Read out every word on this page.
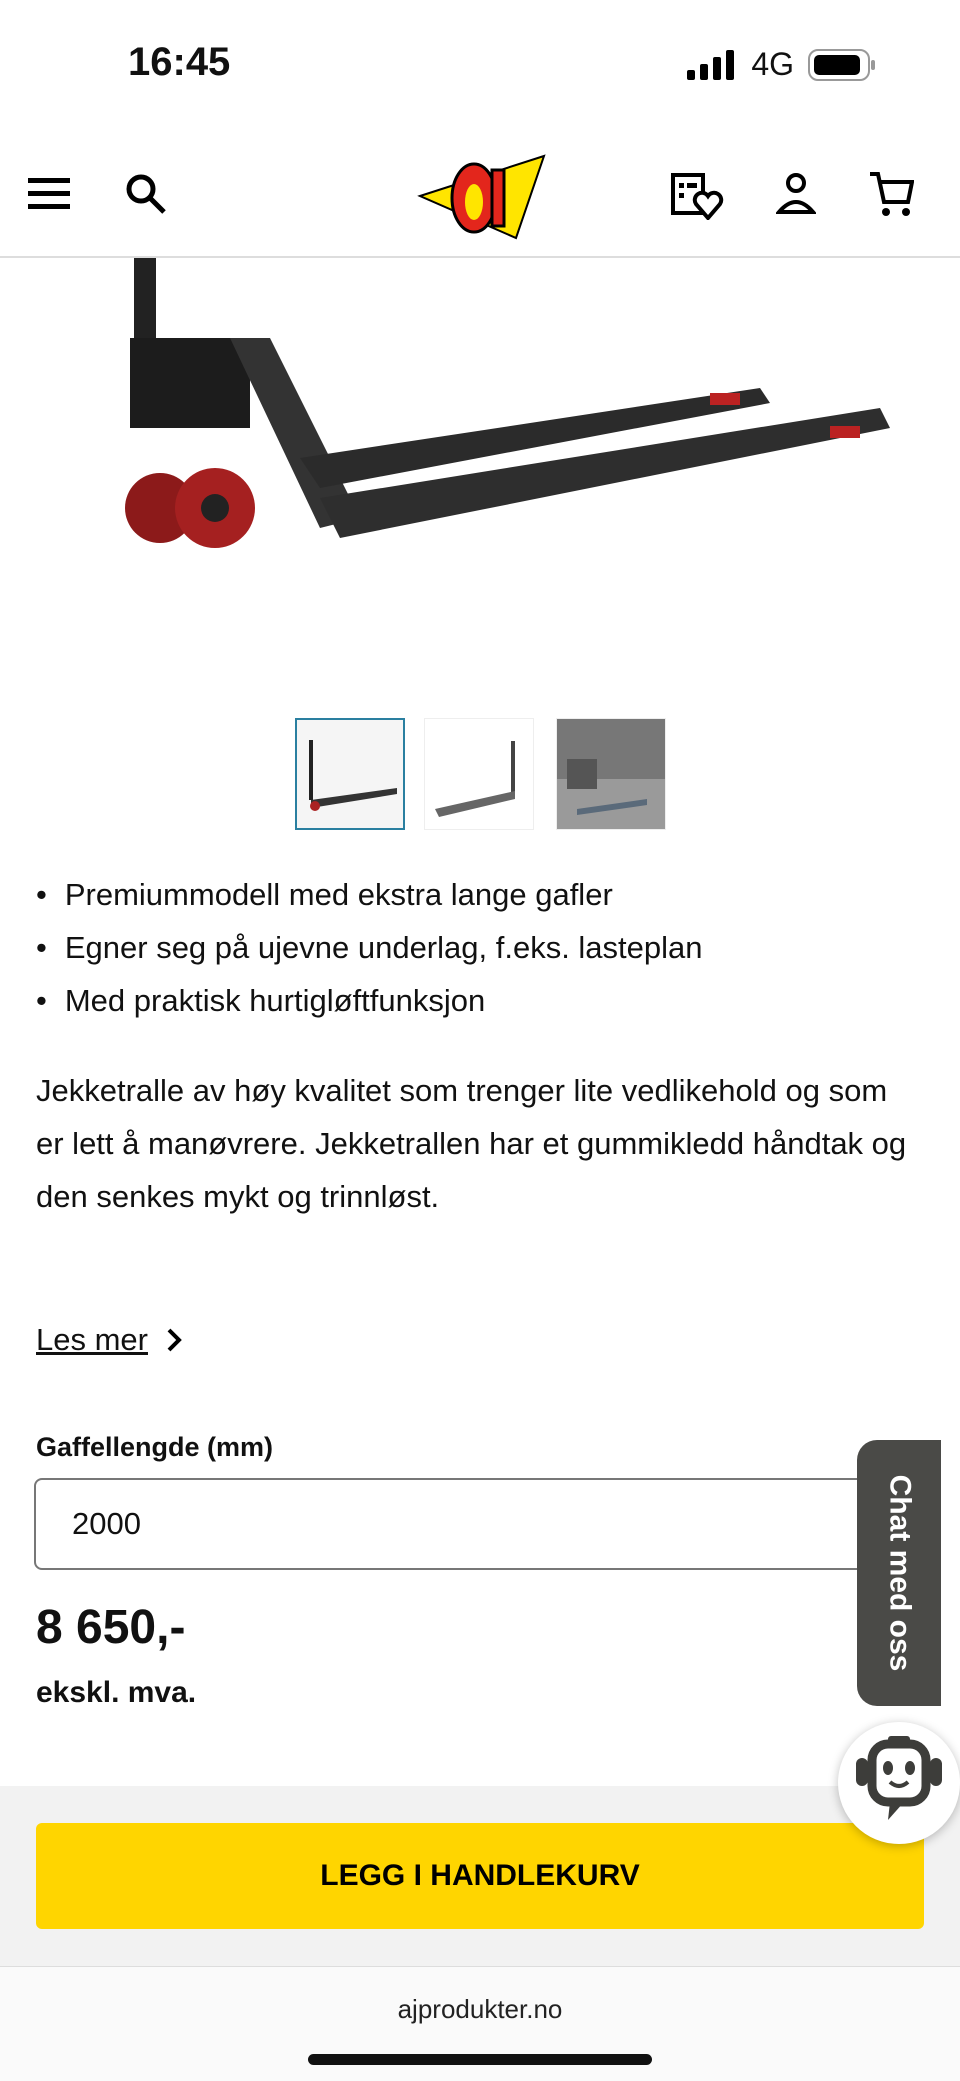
16:45	4G
• Premiummodell med ekstra lange gafler
• Egner seg på ujevne underlag, f.eks. lasteplan
• Med praktisk hurtigløftfunksjon

Jekketralle av høy kvalitet som trenger lite vedlikehold og som er lett å manøvrere. Jekketrallen har et gummikledd håndtak og den senkes mykt og trinnløst.

Les mer
Gaffellengde (mm)
2000
8 650,-
ekskl. mva.
LEGG I HANDLEKURV
Chat med oss
ajprodukter.no
